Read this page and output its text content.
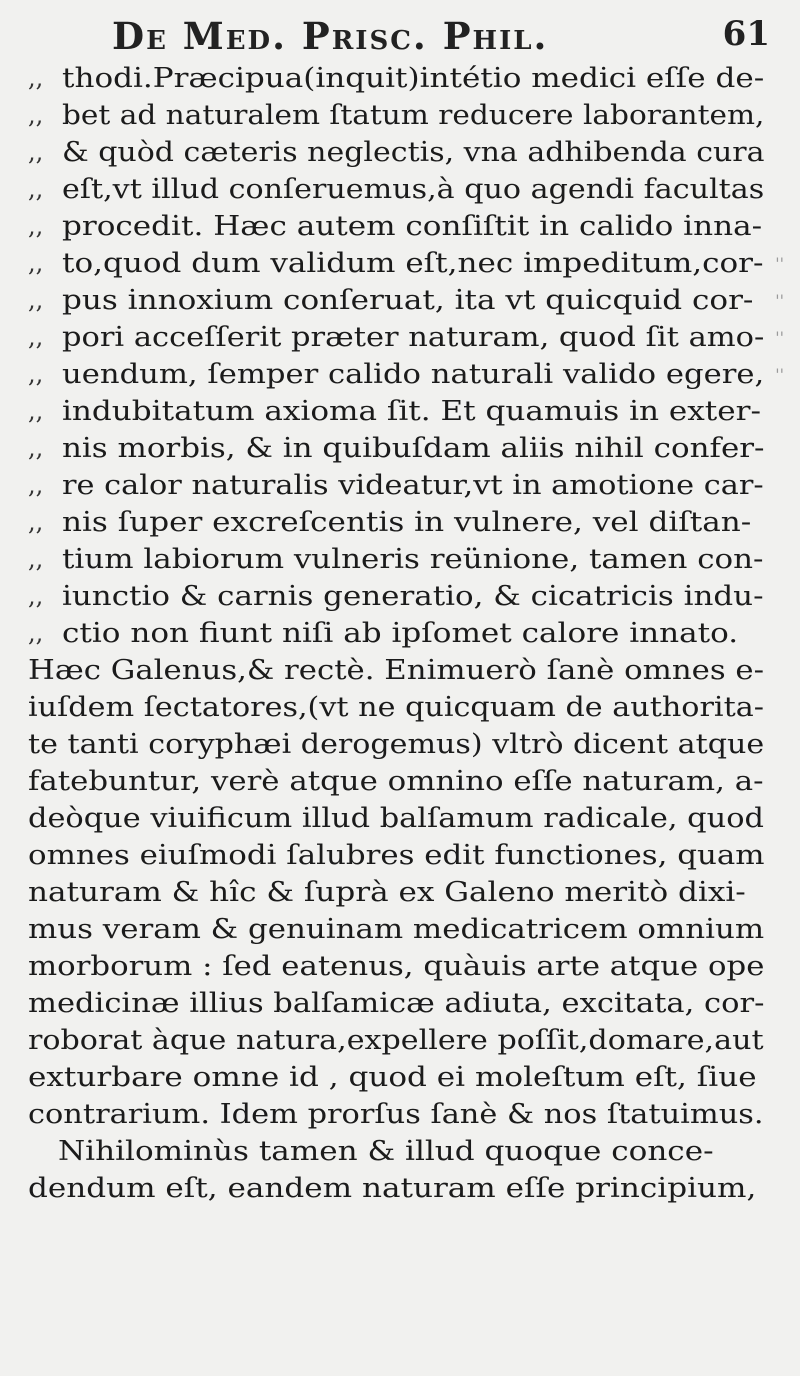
De Med. Prisc. Phil.	61
,, thodi.Præcipua(inquit)intétio medici eſſe de-
,, bet ad naturalem ſtatum reducere laborantem,
,, & quòd cæteris neglectis, vna adhibenda cura
,, eſt,vt illud conſeruemus,à quo agendi facultas
,, procedit. Hæc autem conſiſtit in calido inna-
,, to,quod dum validum eſt,nec impeditum,cor- ''
,, pus innoxium conſeruat, ita vt quicquid cor- ''
,, pori acceſſerit præter naturam, quod ſit amo- ''
,, uendum, ſemper calido naturali valido egere, ''
,, indubitatum axioma ſit. Et quamuis in exter-
,, nis morbis, & in quibuſdam aliis nihil confer-
,, re calor naturalis videatur,vt in amotione car-
,, nis ſuper excreſcentis in vulnere, vel diſtan-
,, tium labiorum vulneris reünione, tamen con-
,, iunctio & carnis generatio, & cicatricis indu-
,, ctio non fiunt niſi ab ipſomet calore innato.
Hæc Galenus,& rectè. Enimuerò ſanè omnes e-
iuſdem ſectatores,(vt ne quicquam de authorita-
te tanti coryphæi derogemus) vltrò dicent atque
fatebuntur, verè atque omnino eſſe naturam, a-
deòque viuificum illud balſamum radicale, quod
omnes eiuſmodi ſalubres edit functiones, quam
naturam & hîc & ſuprà ex Galeno meritò dixi-
mus veram & genuinam medicatricem omnium
morborum : ſed eatenus, quàuis arte atque ope
medicinæ illius balſamicæ adiuta, excitata, cor-
roborat àque natura,expellere poſſit,domare,aut
exturbare omne id , quod ei moleſtum eſt, ſiue
contrarium. Idem prorſus ſanè & nos ſtatuimus.
Nihilominùs tamen & illud quoque conce-
dendum eſt, eandem naturam eſſe principium,
